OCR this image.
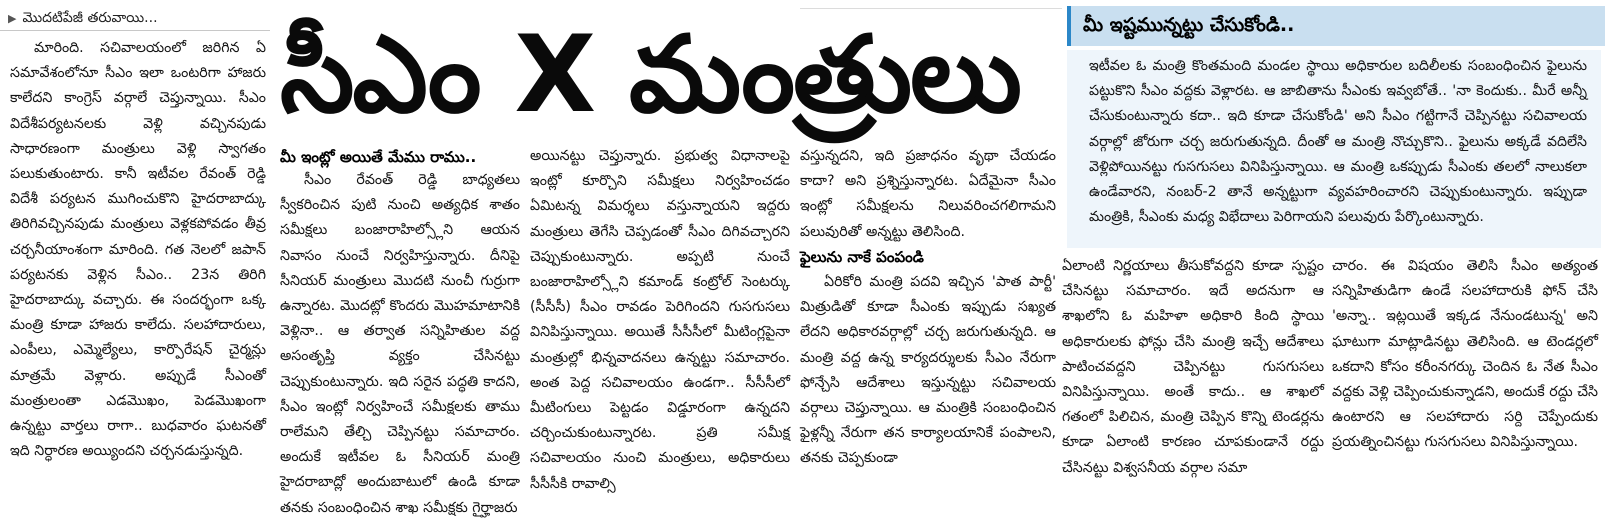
▶ మొదటిపేజీ తరువాయి...

మారింది. సచివాలయంలో జరిగిన ఏ సమావేశంలోనూ సీఎం ఇలా ఒంటరిగా హాజరు కాలేదని కాంగ్రెస్ వర్గాలే చెప్తున్నాయి. సీఎం విదేశీపర్యటనలకు వెళ్లి వచ్చినపుడు సాధారణంగా మంత్రులు వెళ్లి స్వాగతం పలుకుతుంటారు. కానీ ఇటీవల రేవంత్ రెడ్డి విదేశీ పర్యటన ముగించుకొని హైదరాబాద్కు తిరిగివచ్చినపుడు మంత్రులు వెళ్లకపోవడం తీవ్ర చర్చనీయాంశంగా మారింది. గత నెలలో జపాన్ పర్యటనకు వెళ్లిన సీఎం.. 23న తిరిగి హైదరాబాద్కు వచ్చారు. ఈ సందర్భంగా ఒక్క మంత్రి కూడా హాజరు కాలేదు. సలహాదారులు, ఎంపీలు, ఎమ్మెల్యేలు, కార్పొరేషన్ చైర్మన్లు మాత్రమే వెళ్లారు. అప్పుడే సీఎంతో మంత్రులంతా ఎడమొఖం, పెడమొఖంగా ఉన్నట్టు వార్తలు రాగా.. బుధవారం ఘటనతో ఇది నిర్ధారణ అయ్యిందని చర్చనడుస్తున్నది.

సీఎం X మంత్రులు
మీ ఇంట్లో అయితే మేము రాము..

సీఎం రేవంత్ రెడ్డి బాధ్యతలు స్వీకరించిన పుటి నుంచి అత్యధిక శాతం సమీక్షలు బంజారాహిల్స్లోని ఆయన నివాసం నుంచే నిర్వహిస్తున్నారు. దీనిపై సీనియర్ మంత్రులు మొదటి నుంచీ గుర్రుగా ఉన్నారట. మొదట్లో కొందరు మొహమాటానికి వెళ్లినా.. ఆ తర్వాత సన్నిహితుల వద్ద అసంతృప్తి వ్యక్తం చేసినట్టు చెప్పుకుంటున్నారు. ఇది సరైన పద్ధతి కాదని, సీఎం ఇంట్లో నిర్వహించే సమీక్షలకు తాము రాలేమని తేల్చి చెప్పినట్టు సమాచారం. అందుకే ఇటీవల ఓ సీనియర్ మంత్రి హైదరాబాద్లో అందుబాటులో ఉండి కూడా తనకు సంబంధించిన శాఖ సమీక్షకు గైర్హాజరు

అయినట్టు చెప్తున్నారు. ప్రభుత్వ విధానాలపై ఇంట్లో కూర్చొని సమీక్షలు నిర్వహించడం ఏమిటన్న విమర్శలు వస్తున్నాయని ఇద్దరు మంత్రులు తెగేసి చెప్పడంతో సీఎం దిగివచ్చారని చెప్పుకుంటున్నారు. అప్పటి నుంచే బంజారాహిల్స్లోని కమాండ్ కంట్రోల్ సెంటర్కు (సీసీసీ) సీఎం రావడం పెరిగిందని గుసగుసలు వినిపిస్తున్నాయి. అయితే సీసీసీలో మీటింగ్లపైనా మంత్రుల్లో భిన్నవాదనలు ఉన్నట్టు సమాచారం. అంత పెద్ద సచివాలయం ఉండగా.. సీసీసీలో మీటింగులు పెట్టడం విడ్డూరంగా ఉన్నదని చర్చించుకుంటున్నారట. ప్రతి సమీక్ష సచివాలయం నుంచి మంత్రులు, అధికారులు సీసీసీకి రావాల్సి

వస్తున్నదని, ఇది ప్రజాధనం వృథా చేయడం కాదా? అని ప్రశ్నిస్తున్నారట. ఏదేమైనా సీఎం ఇంట్లో సమీక్షలను నిలువరించగలిగామని పలువురితో అన్నట్టు తెలిసింది.

ఫైలును నాకే పంపండి

ఏరికోరి మంత్రి పదవి ఇచ్చిన 'పాత పార్టీ' మిత్రుడితో కూడా సీఎంకు ఇప్పుడు సఖ్యత లేదని అధికారవర్గాల్లో చర్చ జరుగుతున్నది. ఆ మంత్రి వద్ద ఉన్న కార్యదర్శులకు సీఎం నేరుగా ఫోన్చేసి ఆదేశాలు ఇస్తున్నట్టు సచివాలయ వర్గాలు చెప్తున్నాయి. ఆ మంత్రికి సంబంధించిన ఫైళ్లన్నీ నేరుగా తన కార్యాలయానికే పంపాలని, తనకు చెప్పకుండా

మీ ఇష్టమున్నట్టు చేసుకోండి..
ఇటీవల ఓ మంత్రి కొంతమంది మండల స్థాయి అధికారుల బదిలీలకు సంబంధించిన ఫైలును పట్టుకొని సీఎం వద్దకు వెళ్లారట. ఆ జాబితాను సీఎంకు ఇవ్వబోతే.. 'నా కెందుకు.. మీరే అన్నీ చేసుకుంటున్నారు కదా.. ఇది కూడా చేసుకోండి' అని సీఎం గట్టిగానే చెప్పినట్టు సచివాలయ వర్గాల్లో జోరుగా చర్చ జరుగుతున్నది. దీంతో ఆ మంత్రి నొచ్చుకొని.. ఫైలును అక్కడే వదిలేసి వెళ్లిపోయినట్టు గుసగుసలు వినిపిస్తున్నాయి. ఆ మంత్రి ఒకప్పుడు సీఎంకు తలలో నాలుకలా ఉండేవారని, నంబర్-2 తానే అన్నట్టుగా వ్యవహరించారని చెప్పుకుంటున్నారు. ఇప్పుడా మంత్రికి, సీఎంకు మధ్య విభేదాలు పెరిగాయని పలువురు పేర్కొంటున్నారు.

ఏలాంటి నిర్ణయాలు తీసుకోవద్దని కూడా స్పష్టం చేసినట్టు సమాచారం. ఇదే అదనుగా ఆ శాఖలోని ఓ మహిళా అధికారి కింది స్థాయి అధికారులకు ఫోన్లు చేసి మంత్రి ఇచ్చే ఆదేశాలు పాటించవద్దని చెప్పినట్టు గుసగుసలు వినిపిస్తున్నాయి. అంతే కాదు.. ఆ శాఖలో గతంలో పిలిచిన, మంత్రి చెప్పిన కొన్ని టెండర్లను కూడా ఏలాంటి కారణం చూపకుండానే రద్దు చేసినట్టు విశ్వసనీయ వర్గాల సమా

చారం. ఈ విషయం తెలిసి సీఎం అత్యంత సన్నిహితుడిగా ఉండే సలహాదారుకి ఫోన్ చేసి 'అన్నా.. ఇట్లయితే ఇక్కడ నేనుండటున్న' అని ఘాటుగా మాట్లాడినట్టు తెలిసింది. ఆ టెండర్లలో ఒకదాని కోసం కరీంనగర్కు చెందిన ఓ నేత సీఎం వద్దకు వెళ్లి చెప్పించుకున్నాడని, అందుకే రద్దు చేసి ఉంటారని ఆ సలహాదారు సర్ది చెప్పేందుకు ప్రయత్నించినట్టు గుసగుసలు వినిపిస్తున్నాయి.
